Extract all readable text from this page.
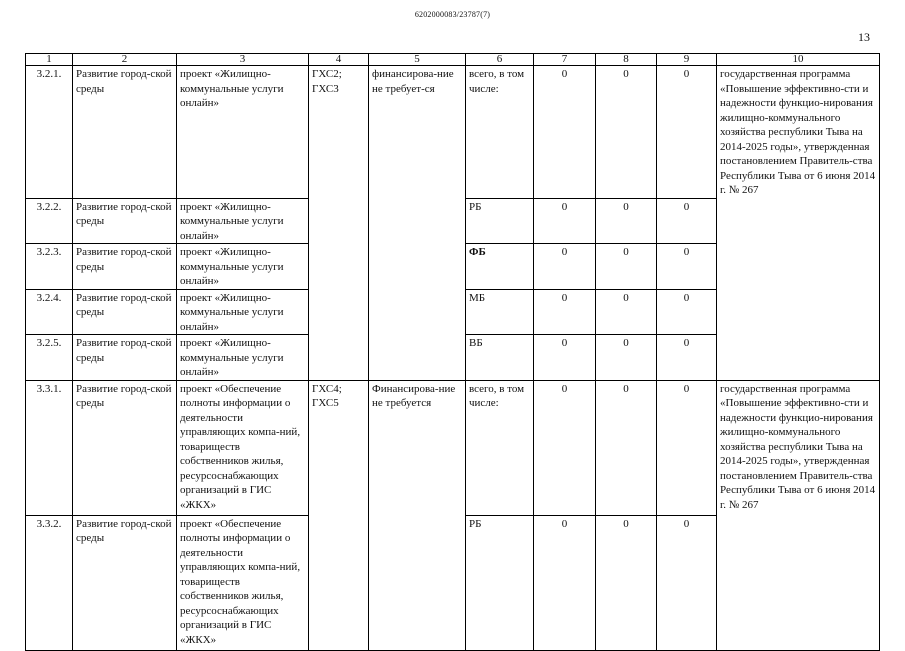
6202000083/23787(7)
13
1	2	3	4	5	6	7	8	9	10
3.2.1.	Развитие город-ской среды	проект «Жилищно-коммунальные услуги онлайн»	ГХС2; ГХС3	финансирова-ние не требует-ся	всего, в том числе:	0	0	0	государственная программа «Повышение эффективно-сти и надежности функцио-нирования жилищно-коммунального хозяйства республики Тыва на 2014-2025 годы», утвержденная постановлением Правитель-ства Республики Тыва от 6 июня 2014 г. № 267
3.2.2.	Развитие город-ской среды	проект «Жилищно-коммунальные услуги онлайн»			РБ	0	0	0	
3.2.3.	Развитие город-ской среды	проект «Жилищно-коммунальные услуги онлайн»			ФБ	0	0	0	
3.2.4.	Развитие город-ской среды	проект «Жилищно-коммунальные услуги онлайн»			МБ	0	0	0	
3.2.5.	Развитие город-ской среды	проект «Жилищно-коммунальные услуги онлайн»			ВБ	0	0	0	
3.3.1.	Развитие город-ской среды	проект «Обеспечение полноты информации о деятельности управляющих компа-ний, товариществ собственников жилья, ресурсоснабжающих организаций в ГИС «ЖКХ»	ГХС4; ГХС5	Финансирова-ние не требуется	всего, в том числе:	0	0	0	государственная программа «Повышение эффективно-сти и надежности функцио-нирования жилищно-коммунального хозяйства республики Тыва на 2014-2025 годы», утвержденная постановлением Правитель-ства Республики Тыва от 6 июня 2014 г. № 267
3.3.2.	Развитие город-ской среды	проект «Обеспечение полноты информации о деятельности управляющих компа-ний, товариществ собственников жилья, ресурсоснабжающих организаций в ГИС «ЖКХ»			РБ	0	0	0	
